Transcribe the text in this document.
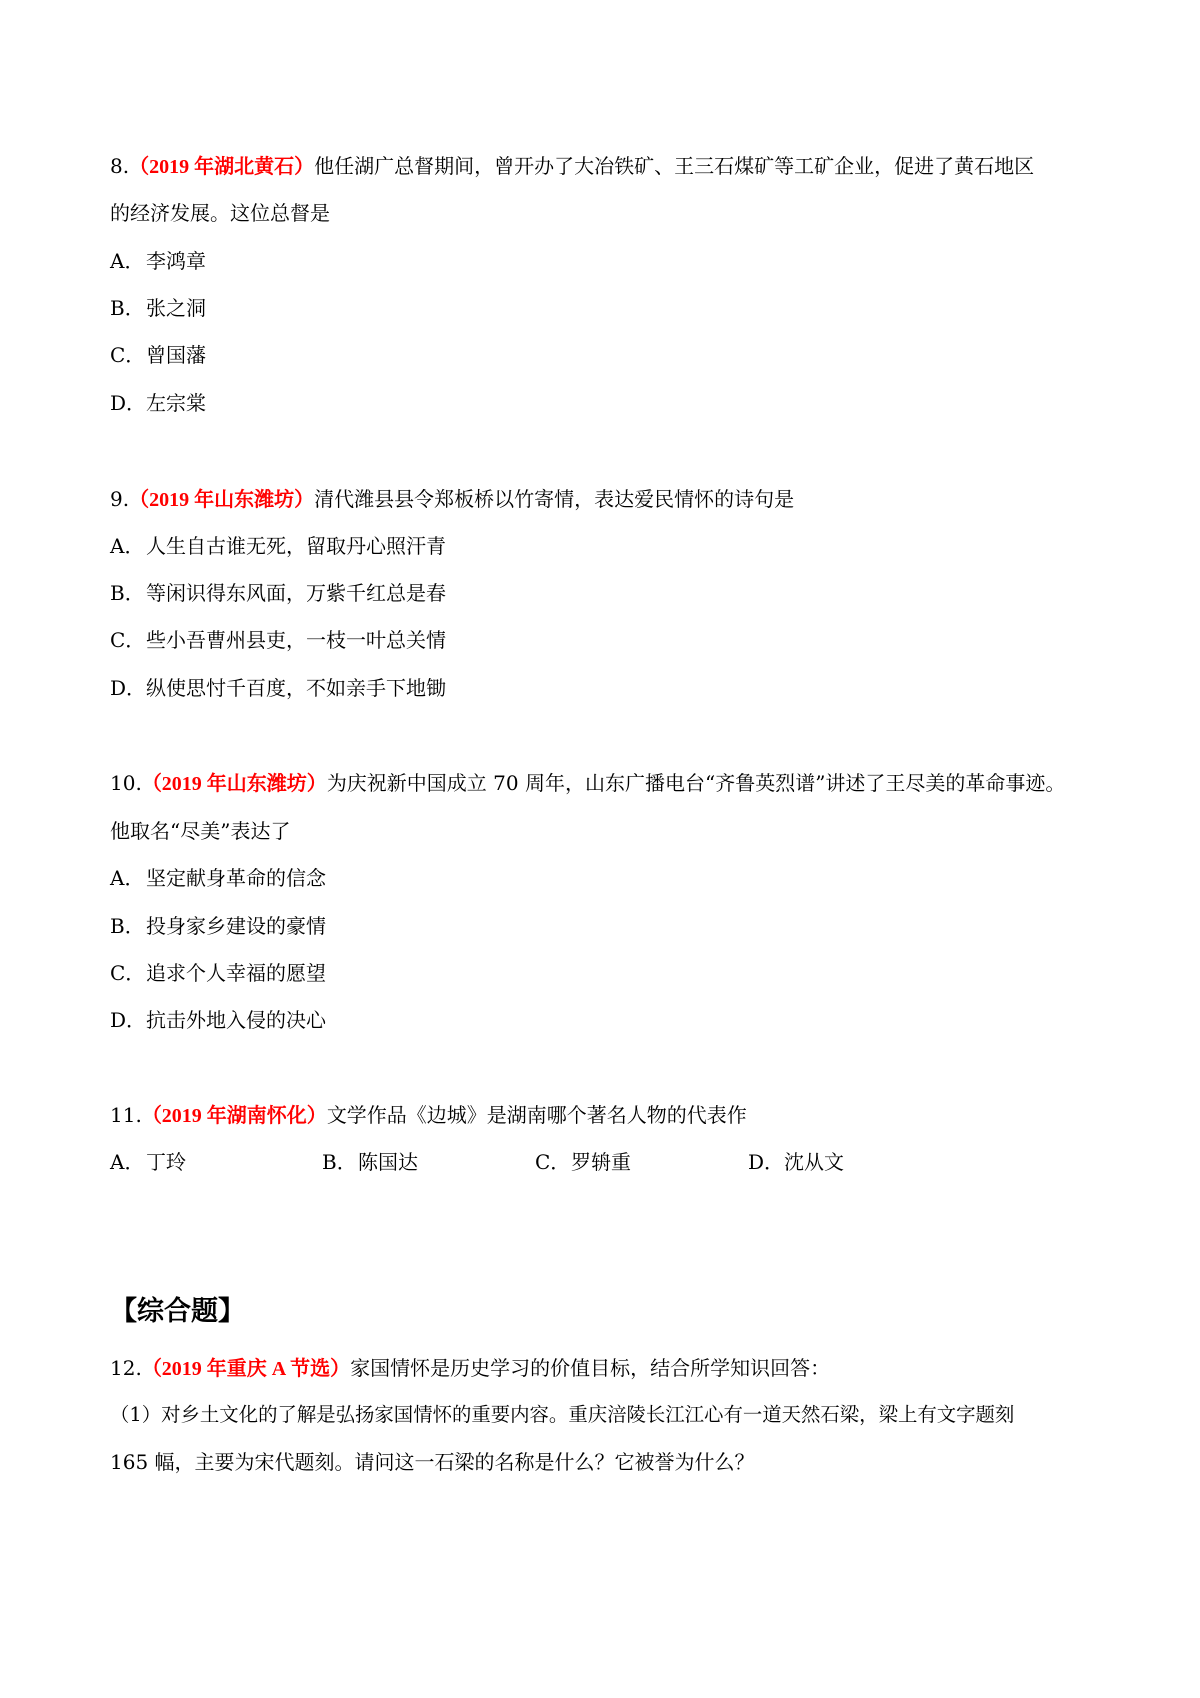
8.（2019 年湖北黄石）他任湖广总督期间，曾开办了大冶铁矿、王三石煤矿等工矿企业，促进了黄石地区
的经济发展。这位总督是
A．李鸿章
B．张之洞
C．曾国藩
D．左宗棠
9.（2019 年山东潍坊）清代潍县县令郑板桥以竹寄情，表达爱民情怀的诗句是
A．人生自古谁无死，留取丹心照汗青
B．等闲识得东风面，万紫千红总是春
C．些小吾曹州县吏，一枝一叶总关情
D．纵使思忖千百度，不如亲手下地锄
10.（2019 年山东潍坊）为庆祝新中国成立 70 周年，山东广播电台“齐鲁英烈谱”讲述了王尽美的革命事迹。
他取名“尽美”表达了
A．坚定献身革命的信念
B．投身家乡建设的豪情
C．追求个人幸福的愿望
D．抗击外地入侵的决心
11.（2019 年湖南怀化）文学作品《边城》是湖南哪个著名人物的代表作
A．丁玲	B．陈国达	C．罗辀重	D．沈从文
【综合题】
12.（2019 年重庆 A 节选）家国情怀是历史学习的价值目标，结合所学知识回答：
（1）对乡土文化的了解是弘扬家国情怀的重要内容。重庆涪陵长江江心有一道天然石梁，梁上有文字题刻
165 幅，主要为宋代题刻。请问这一石梁的名称是什么？它被誉为什么？
